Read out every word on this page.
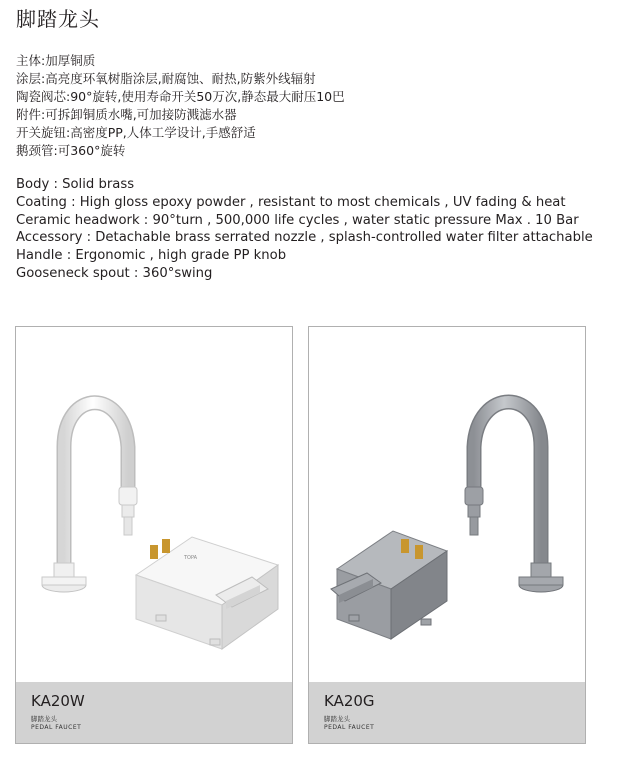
脚踏龙头
主体:加厚铜质
涂层:高亮度环氧树脂涂层,耐腐蚀、耐热,防紫外线辐射
陶瓷阀芯:90°旋转,使用寿命开关50万次,静态最大耐压10巴
附件:可拆卸铜质水嘴,可加接防溅滤水器
开关旋钮:高密度PP,人体工学设计,手感舒适
鹅颈管:可360°旋转
Body : Solid brass
Coating : High gloss epoxy powder , resistant to most chemicals , UV fading & heat
Ceramic headwork : 90°turn , 500,000 life cycles , water static pressure Max . 10 Bar
Accessory : Detachable brass serrated nozzle , splash-controlled water filter attachable
Handle : Ergonomic , high grade PP knob
Gooseneck spout : 360°swing
TOPA
KA20W
脚踏龙头
PEDAL FAUCET
KA20G
脚踏龙头
PEDAL FAUCET
